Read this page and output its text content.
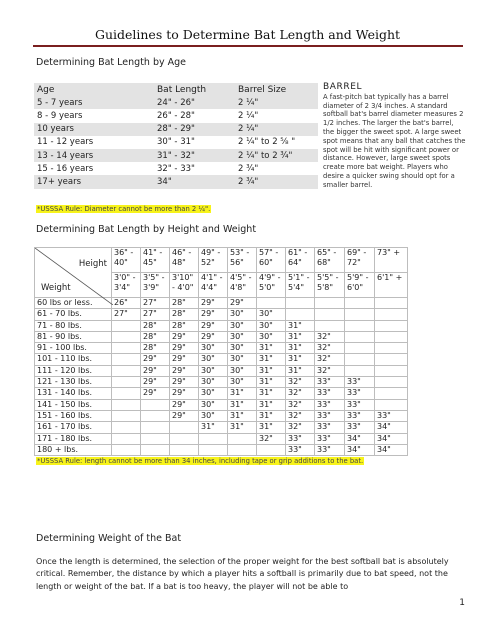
Guidelines to Determine Bat Length and Weight
Determining Bat Length by Age
Age	Bat Length	Barrel Size
5 - 7 years	24" - 26"	2 ¼"
8 - 9 years	26" - 28"	2 ¼"
10 years	28" - 29"	2 ¼"
11 - 12 years	30" - 31"	2 ¼" to 2 ⁵⁄₈ "
13 - 14 years	31" - 32"	2 ¼" to 2 ¾"
15 - 16 years	32" - 33"	2 ¾"
17+ years	34"	2 ¾"
BARREL
A fast-pitch bat typically has a barrel diameter of 2 3/4 inches. A standard softball bat's barrel diameter measures 2 1/2 inches. The larger the bat's barrel, the bigger the sweet spot. A large sweet spot means that any ball that catches the spot will be hit with significant power or distance. However, large sweet spots create more bat weight. Players who desire a quicker swing should opt for a smaller barrel.
*USSSA Rule: Diameter cannot be more than 2 ¼".
Determining Bat Length by Height and Weight
Height
Weight	36" - 40"	41" - 45"	46" - 48"	49" - 52"	53" - 56"	57" - 60"	61" - 64"	65" - 68"	69" - 72"	73" +
	3'0" - 3'4"	3'5" - 3'9"	3'10" - 4'0"	4'1" - 4'4"	4'5" - 4'8"	4'9" - 5'0"	5'1" - 5'4"	5'5" - 5'8"	5'9" - 6'0"	6'1" +
60 lbs or less.	26"	27"	28"	29"	29"					
61 - 70 lbs.	27"	27"	28"	29"	30"	30"				
71 - 80 lbs.		28"	28"	29"	30"	30"	31"			
81 - 90 lbs.		28"	29"	29"	30"	30"	31"	32"		
91 - 100 lbs.		28"	29"	30"	30"	31"	31"	32"		
101 - 110 lbs.		29"	29"	30"	30"	31"	31"	32"		
111 - 120 lbs.		29"	29"	30"	30"	31"	31"	32"		
121 - 130 lbs.		29"	29"	30"	30"	31"	32"	33"	33"	
131 - 140 lbs.		29"	29"	30"	31"	31"	32"	33"	33"	
141 - 150 lbs.			29"	30"	31"	31"	32"	33"	33"	
151 - 160 lbs.			29"	30"	31"	31"	32"	33"	33"	33"
161 - 170 lbs.				31"	31"	31"	32"	33"	33"	34"
171 - 180 lbs.						32"	33"	33"	34"	34"
180 + lbs.							33"	33"	34"	34"
*USSSA Rule: length cannot be more than 34 inches, including tape or grip additions to the bat.
Determining Weight of the Bat
Once the length is determined, the selection of the proper weight for the best softball bat is absolutely critical. Remember, the distance by which a player hits a softball is primarily due to bat speed, not the length or weight of the bat. If a bat is too heavy, the player will not be able to
1
